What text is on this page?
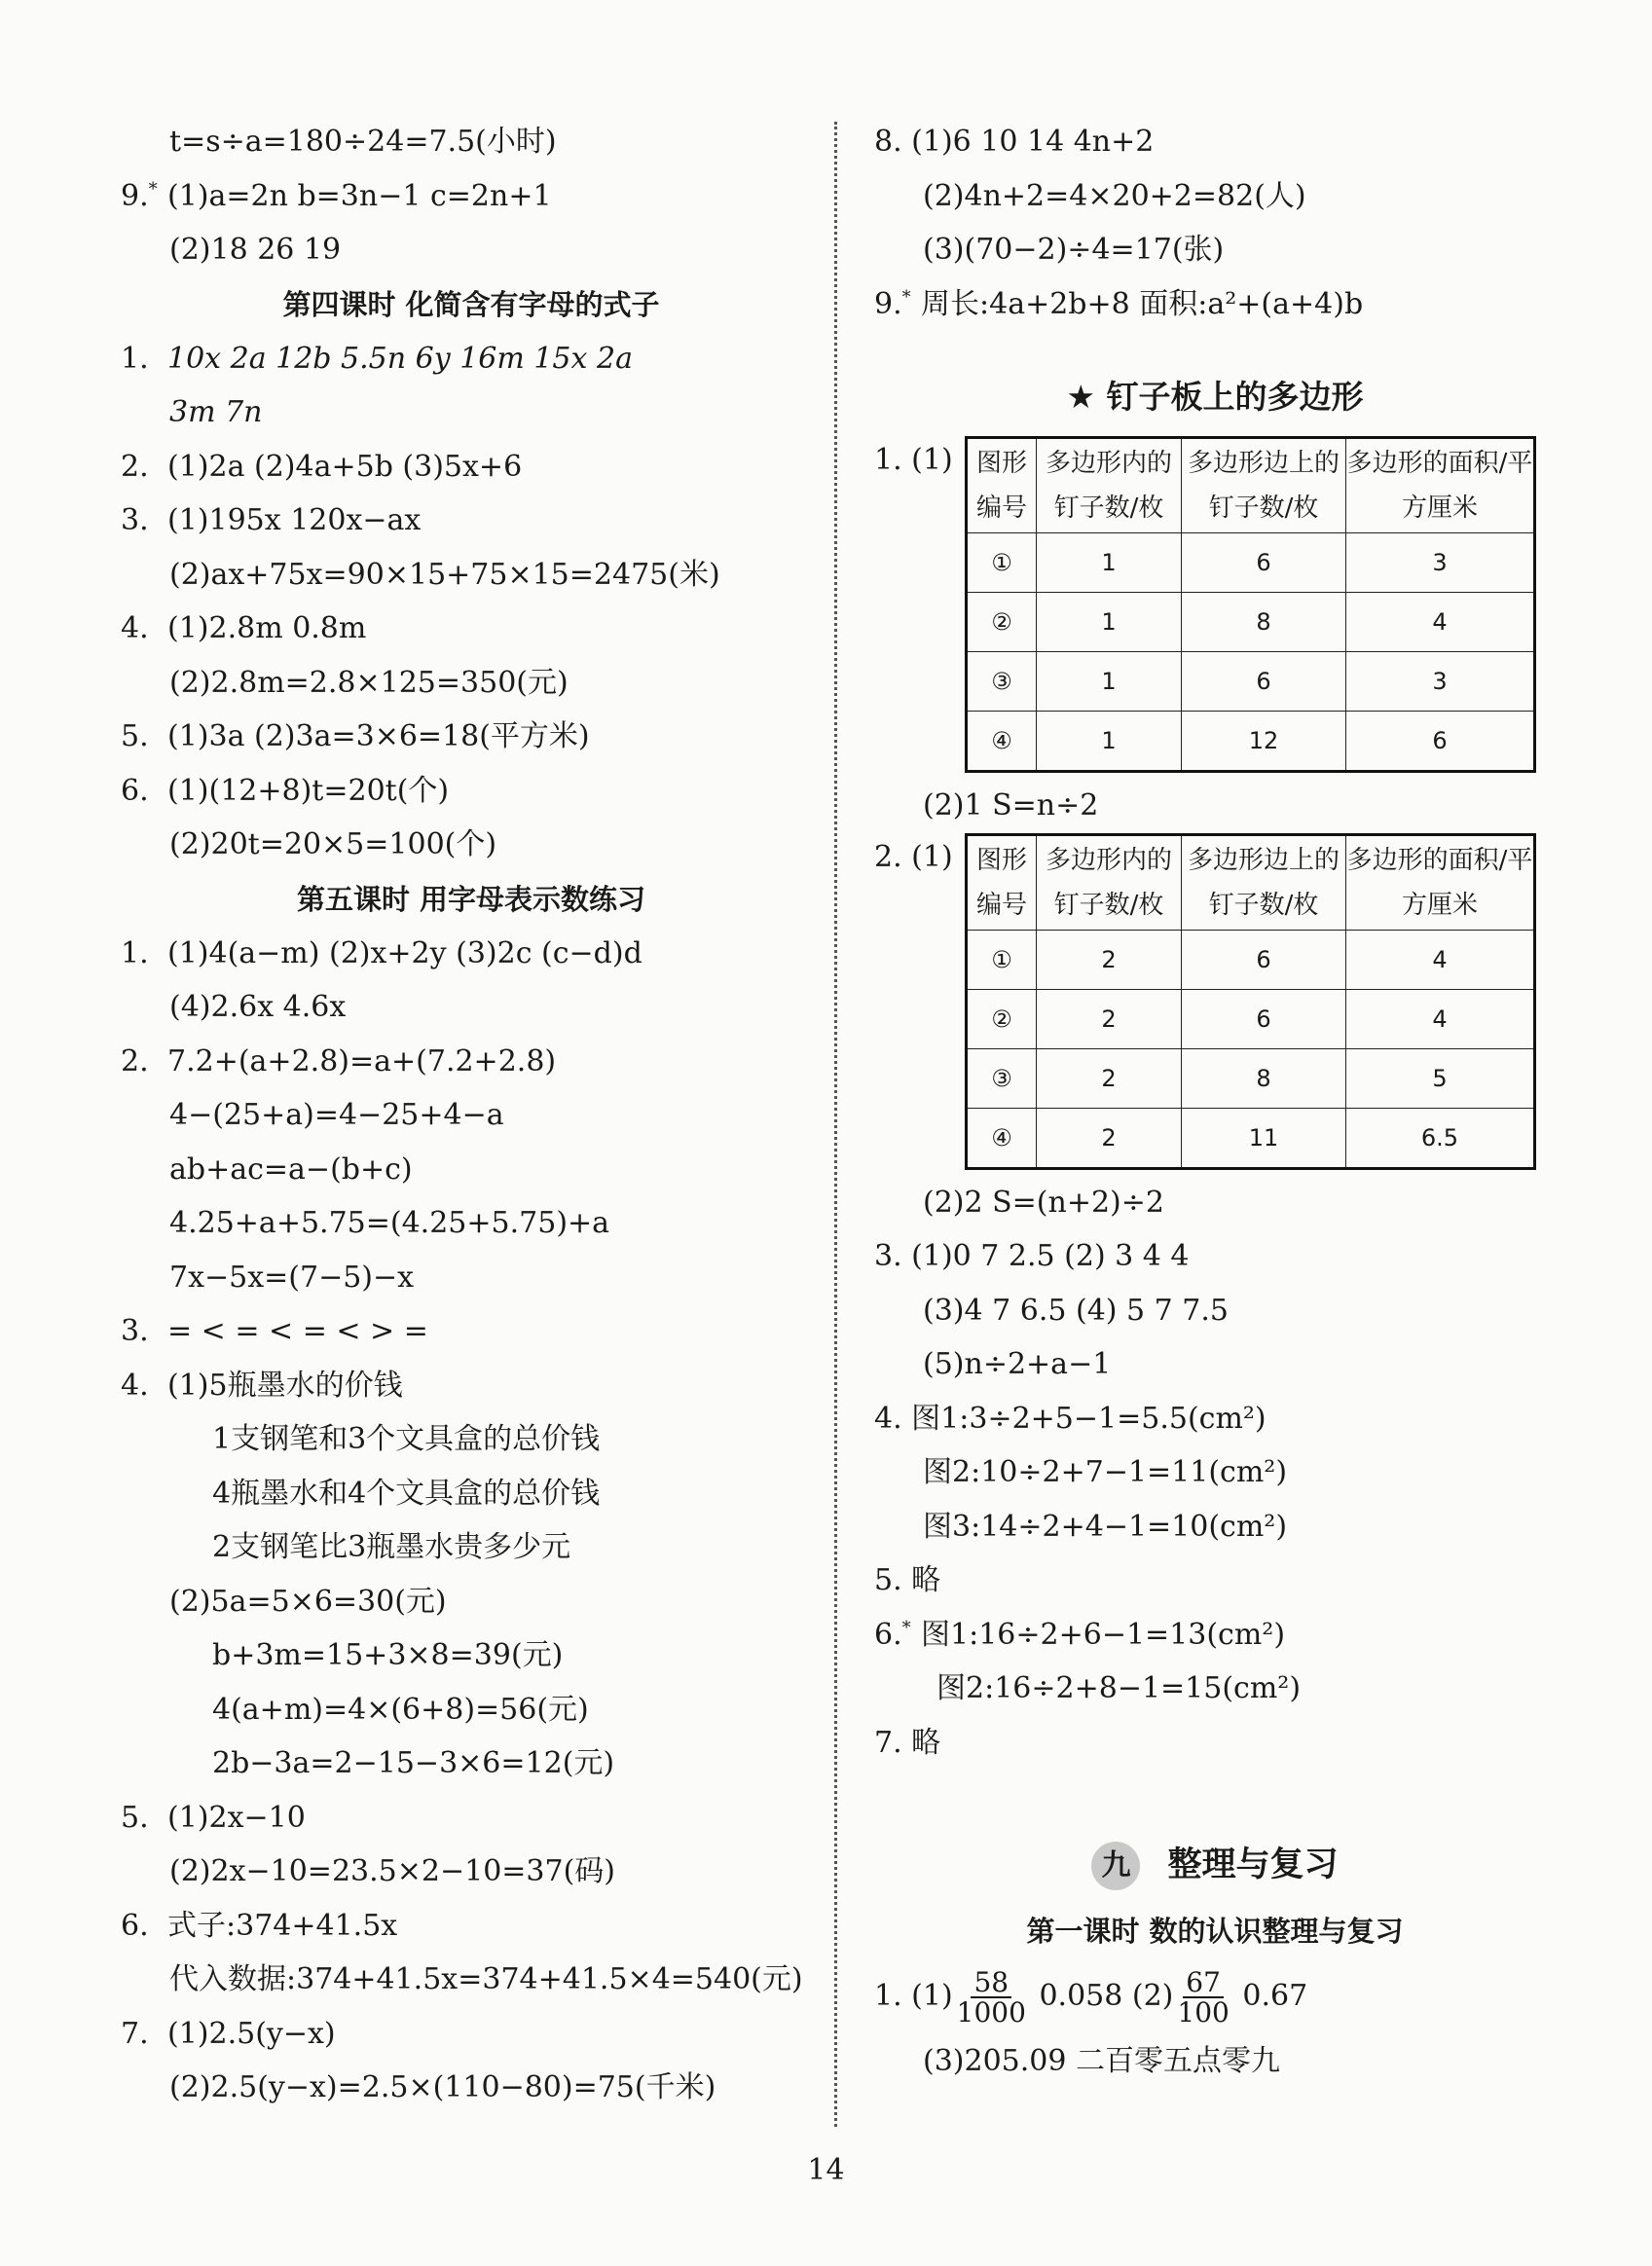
t=s÷a=180÷24=7.5(小时)
9.* (1)a=2n b=3n−1 c=2n+1
(2)18 26 19
第四课时 化简含有字母的式子
1. 10x 2a 12b 5.5n 6y 16m 15x 2a
3m 7n
2. (1)2a (2)4a+5b (3)5x+6
3. (1)195x 120x−ax
(2)ax+75x=90×15+75×15=2475(米)
4. (1)2.8m 0.8m
(2)2.8m=2.8×125=350(元)
5. (1)3a (2)3a=3×6=18(平方米)
6. (1)(12+8)t=20t(个)
(2)20t=20×5=100(个)
第五课时 用字母表示数练习
1. (1)4(a−m) (2)x+2y (3)2c (c−d)d
(4)2.6x 4.6x
2. 7.2+(a+2.8)=a+(7.2+2.8)
4−(25+a)=4−25+4−a
ab+ac=a−(b+c)
4.25+a+5.75=(4.25+5.75)+a
7x−5x=(7−5)−x
3. = < = < = < > =
4. (1)5瓶墨水的价钱
1支钢笔和3个文具盒的总价钱
4瓶墨水和4个文具盒的总价钱
2支钢笔比3瓶墨水贵多少元
(2)5a=5×6=30(元)
b+3m=15+3×8=39(元)
4(a+m)=4×(6+8)=56(元)
2b−3a=2−15−3×6=12(元)
5. (1)2x−10
(2)2x−10=23.5×2−10=37(码)
6. 式子:374+41.5x
代入数据:374+41.5x=374+41.5×4=540(元)
7. (1)2.5(y−x)
(2)2.5(y−x)=2.5×(110−80)=75(千米)
8. (1)6 10 14 4n+2
(2)4n+2=4×20+2=82(人)
(3)(70−2)÷4=17(张)
9.* 周长:4a+2b+8 面积:a²+(a+4)b
★ 钉子板上的多边形
1. (1) 图形编号	多边形内的钉子数/枚	多边形边上的钉子数/枚	多边形的面积/平方厘米
①	1	6	3
②	1	8	4
③	1	6	3
④	1	12	6
(2)1 S=n÷2
2. (1) 图形编号	多边形内的钉子数/枚	多边形边上的钉子数/枚	多边形的面积/平方厘米
①	2	6	4
②	2	6	4
③	2	8	5
④	2	11	6.5
(2)2 S=(n+2)÷2
3. (1)0 7 2.5 (2) 3 4 4
(3)4 7 6.5 (4) 5 7 7.5
(5)n÷2+a−1
4. 图1:3÷2+5−1=5.5(cm²)
图2:10÷2+7−1=11(cm²)
图3:14÷2+4−1=10(cm²)
5. 略
6.* 图1:16÷2+6−1=13(cm²)
图2:16÷2+8−1=15(cm²)
7. 略
九 整理与复习
第一课时 数的认识整理与复习
1. $(1) \frac{58}{1000} 0.058$ $(2) \frac{67}{100} 0.67$
(3)205.09 二百零五点零九
14
